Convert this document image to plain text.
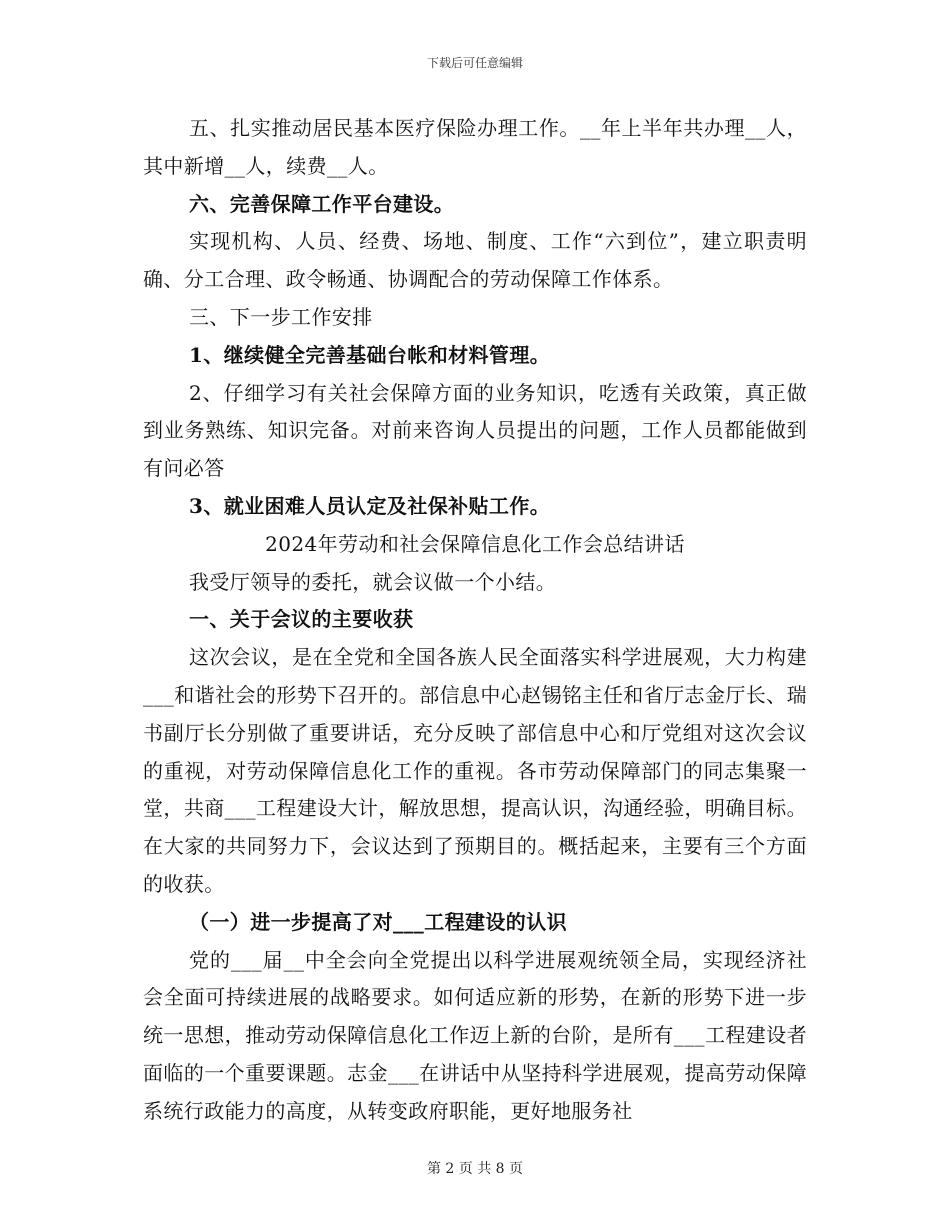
下载后可任意编辑

五、扎实推动居民基本医疗保险办理工作。__年上半年共办理__人，其中新增__人，续费__人。

六、完善保障工作平台建设。

实现机构、人员、经费、场地、制度、工作“六到位”，建立职责明确、分工合理、政令畅通、协调配合的劳动保障工作体系。

三、下一步工作安排

1、继续健全完善基础台帐和材料管理。

2、仔细学习有关社会保障方面的业务知识，吃透有关政策，真正做到业务熟练、知识完备。对前来咨询人员提出的问题，工作人员都能做到有问必答

3、就业困难人员认定及社保补贴工作。

2024年劳动和社会保障信息化工作会总结讲话

我受厅领导的委托，就会议做一个小结。

一、关于会议的主要收获

这次会议，是在全党和全国各族人民全面落实科学进展观，大力构建___和谐社会的形势下召开的。部信息中心赵锡铭主任和省厅志金厅长、瑞书副厅长分别做了重要讲话，充分反映了部信息中心和厅党组对这次会议的重视，对劳动保障信息化工作的重视。各市劳动保障部门的同志集聚一堂，共商___工程建设大计，解放思想，提高认识，沟通经验，明确目标。在大家的共同努力下，会议达到了预期目的。概括起来，主要有三个方面的收获。

（一）进一步提高了对___工程建设的认识

党的___届__中全会向全党提出以科学进展观统领全局，实现经济社会全面可持续进展的战略要求。如何适应新的形势，在新的形势下进一步统一思想，推动劳动保障信息化工作迈上新的台阶，是所有___工程建设者面临的一个重要课题。志金___在讲话中从坚持科学进展观，提高劳动保障系统行政能力的高度，从转变政府职能，更好地服务社

第 2 页 共 8 页
